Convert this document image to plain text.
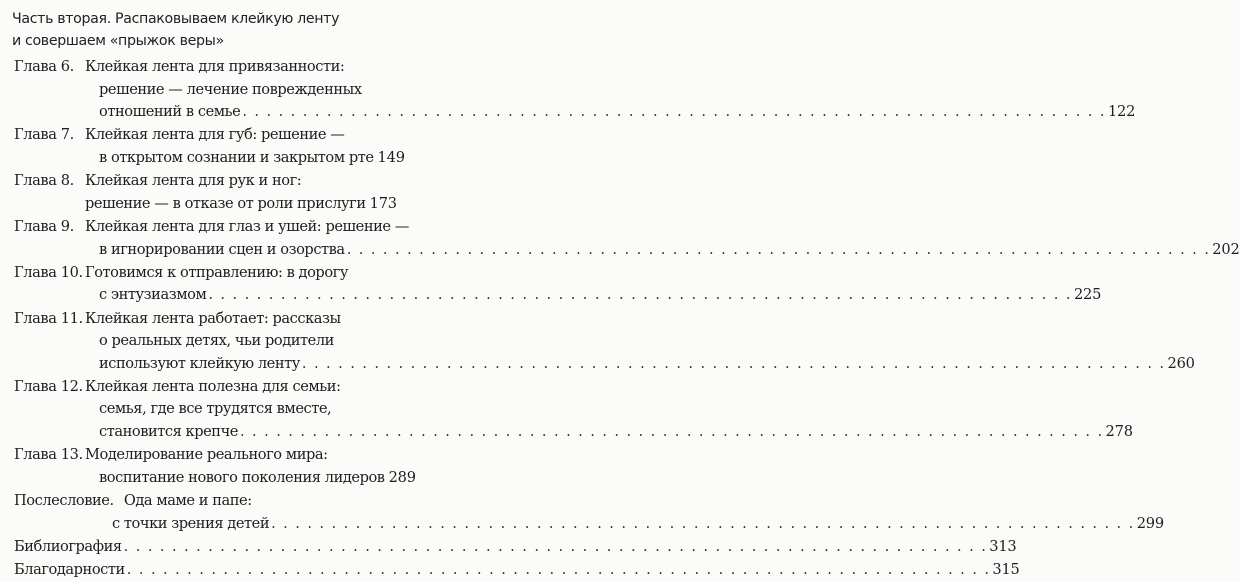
Часть вторая. Распаковываем клейкую ленту
и совершаем «прыжок веры»
Глава 6. Клейкая лента для привязанности:
решение — лечение поврежденных
отношений в семье . . .	122
Глава 7. Клейкая лента для губ: решение —
в открытом сознании и закрытом рте 149
Глава 8. Клейкая лента для рук и ног:
решение — в отказе от роли прислуги 173
Глава 9. Клейкая лента для глаз и ушей: решение —
в игнорировании сцен и озорства . . .	202
Глава 10. Готовимся к отправлению: в дорогу
с энтузиазмом . . .	225
Глава 11. Клейкая лента работает: рассказы
о реальных детях, чьи родители
используют клейкую ленту . . .	260
Глава 12. Клейкая лента полезна для семьи:
семья, где все трудятся вместе,
становится крепче . . .	278
Глава 13. Моделирование реального мира:
воспитание нового поколения лидеров 289
Послесловие. Ода маме и папе:
с точки зрения детей . . .	299
Библиография . . .	313
Благодарности . . .	315
